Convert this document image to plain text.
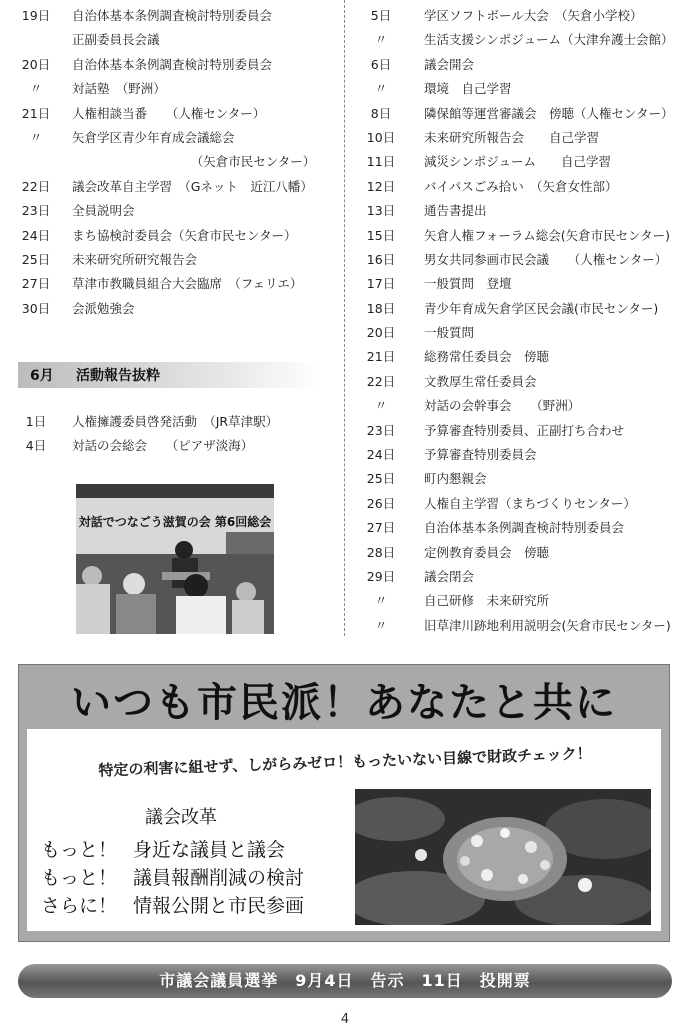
19日	自治体基本条例調査検討特別委員会
正副委員長会議
20日	自治体基本条例調査検討特別委員会
〃	対話塾　（野洲）
21日	人権相談当番　　（人権センター）
〃	矢倉学区青少年育成会議総会
　　　　　　　　　　（矢倉市民センター）
22日	議会改革自主学習　（Gネット　近江八幡）
23日	全員説明会
24日	まち協検討委員会（矢倉市民センター）
25日	未来研究所研究報告会
27日	草津市教職員組合大会臨席　（フェリエ）
30日	会派勉強会
6月 活動報告抜粋
1日	人権擁護委員啓発活動　（JR草津駅）
4日	対話の会総会　　（ピアザ淡海）
対話でつなごう滋賀の会 第6回総会
5日	学区ソフトボール大会　（矢倉小学校）
〃	生活支援シンポジューム（大津弁護士会館）
6日	議会開会
〃	環境　自己学習
8日	隣保館等運営審議会　傍聴（人権センター）
10日	未来研究所報告会　　自己学習
11日	減災シンポジューム　　自己学習
12日	バイパスごみ拾い　（矢倉女性部）
13日	通告書提出
15日	矢倉人権フォーラム総会(矢倉市民センター)
16日	男女共同参画市民会議　　（人権センター）
17日	一般質問　登壇
18日	青少年育成矢倉学区民会議(市民センター)
20日	一般質問
21日	総務常任委員会　傍聴
22日	文教厚生常任委員会
〃	対話の会幹事会　　（野洲）
23日	予算審査特別委員、正副打ち合わせ
24日	予算審査特別委員会
25日	町内懇親会
26日	人権自主学習（まちづくりセンター）
27日	自治体基本条例調査検討特別委員会
28日	定例教育委員会　傍聴
29日	議会閉会
〃	自己研修　未来研究所
〃	旧草津川跡地利用説明会(矢倉市民センター)
いつも市民派！あなたと共に
特定の利害に組せず、しがらみゼロ！もったいない目線で財政チェック！
議会改革
もっと！ 身近な議員と議会
もっと！ 議員報酬削減の検討
さらに！ 情報公開と市民参画
市議会議員選挙　9月4日　告示　11日　投開票
4
